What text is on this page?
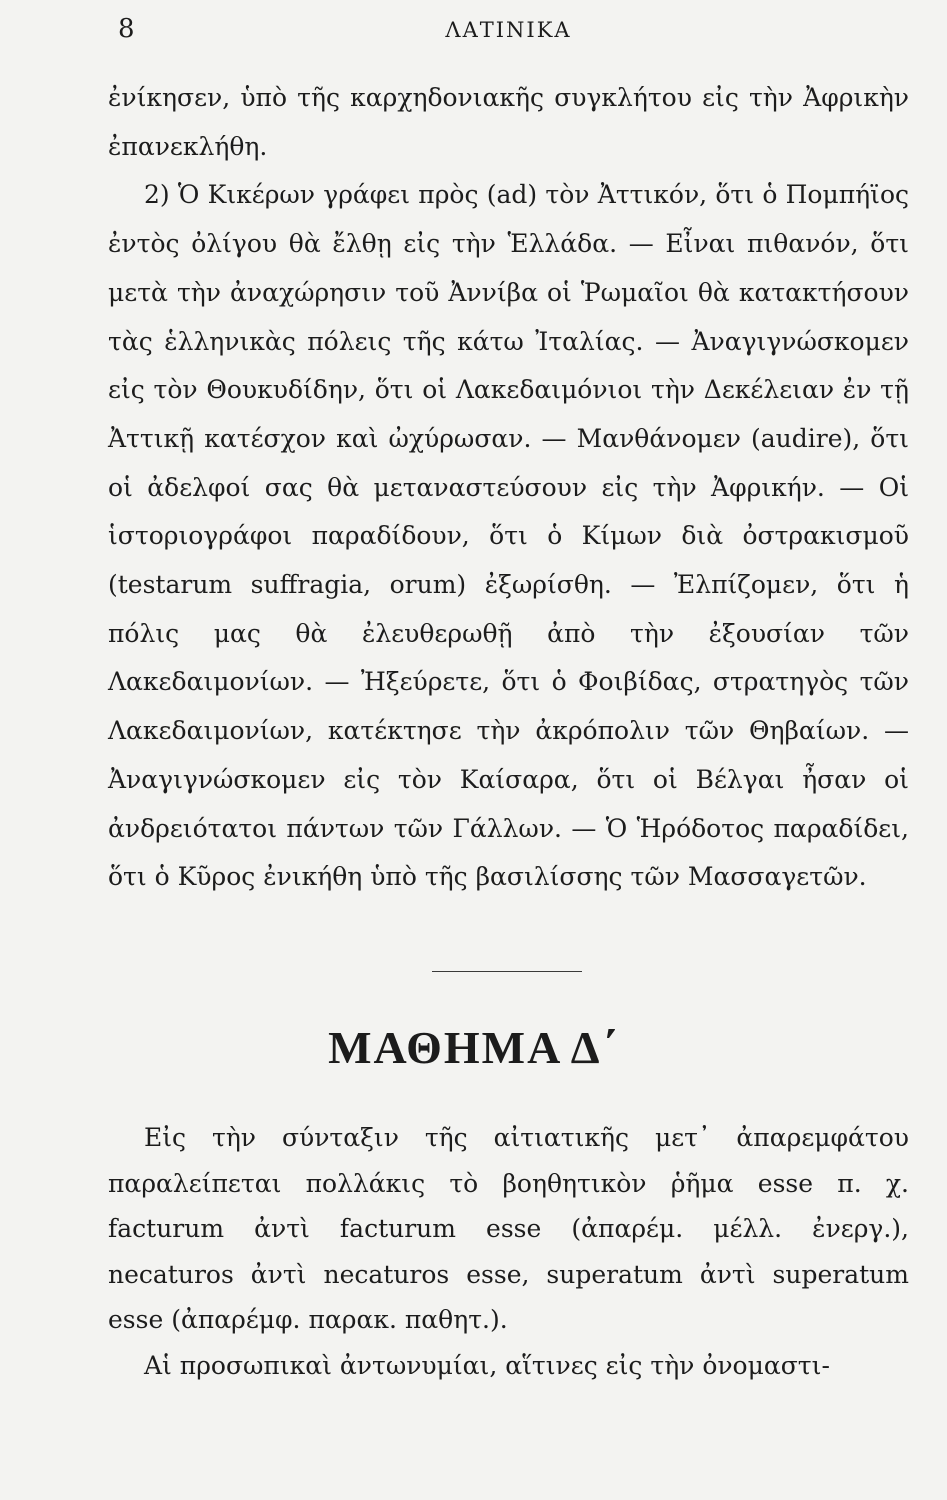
8	ΛΑΤΙΝΙΚΑ

ἐνίκησεν, ὑπὸ τῆς καρχηδονιακῆς συγκλήτου εἰς τὴν Ἀφρικὴν ἐπανεκλήθη.

2) Ὁ Κικέρων γράφει πρὸς (ad) τὸν Ἀττικόν, ὅτι ὁ Πομπήϊος ἐντὸς ὀλίγου θὰ ἔλθῃ εἰς τὴν Ἑλλάδα. — Εἶναι πιθανόν, ὅτι μετὰ τὴν ἀναχώρησιν τοῦ Ἀννίβα οἱ Ῥωμαῖοι θὰ κατακτήσουν τὰς ἑλληνικὰς πόλεις τῆς κάτω Ἰταλίας. — Ἀναγιγνώσκομεν εἰς τὸν Θουκυδίδην, ὅτι οἱ Λακεδαιμόνιοι τὴν Δεκέλειαν ἐν τῇ Ἀττικῇ κατέσχον καὶ ὠχύρωσαν. — Μανθάνομεν (audire), ὅτι οἱ ἀδελφοί σας θὰ μεταναστεύσουν εἰς τὴν Ἀφρικήν. — Οἱ ἱστοριογράφοι παραδίδουν, ὅτι ὁ Κίμων διὰ ὀστρακισμοῦ (testarum suffragia, orum) ἐξωρίσθη. — Ἐλπίζομεν, ὅτι ἡ πόλις μας θὰ ἐλευθερωθῇ ἀπὸ τὴν ἐξουσίαν τῶν Λακεδαιμονίων. — Ἠξεύρετε, ὅτι ὁ Φοιβίδας, στρατηγὸς τῶν Λακεδαιμονίων, κατέκτησε τὴν ἀκρόπολιν τῶν Θηβαίων. — Ἀναγιγνώσκομεν εἰς τὸν Καίσαρα, ὅτι οἱ Βέλγαι ἦσαν οἱ ἀνδρειότατοι πάντων τῶν Γάλλων. — Ὁ Ἡρόδοτος παραδίδει, ὅτι ὁ Κῦρος ἐνικήθη ὑπὸ τῆς βασιλίσσης τῶν Μασσαγετῶν.

ΜΑΘΗΜΑ Δ΄

Εἰς τὴν σύνταξιν τῆς αἰτιατικῆς μετ᾽ ἀπαρεμφάτου παραλείπεται πολλάκις τὸ βοηθητικὸν ῥῆμα esse π. χ. facturum ἀντὶ facturum esse (ἀπαρέμ. μέλλ. ἐνεργ.), necaturos ἀντὶ necaturos esse, superatum ἀντὶ superatum esse (ἀπαρέμφ. παρακ. παθητ.).

Αἱ προσωπικαὶ ἀντωνυμίαι, αἵτινες εἰς τὴν ὀνομαστι-
